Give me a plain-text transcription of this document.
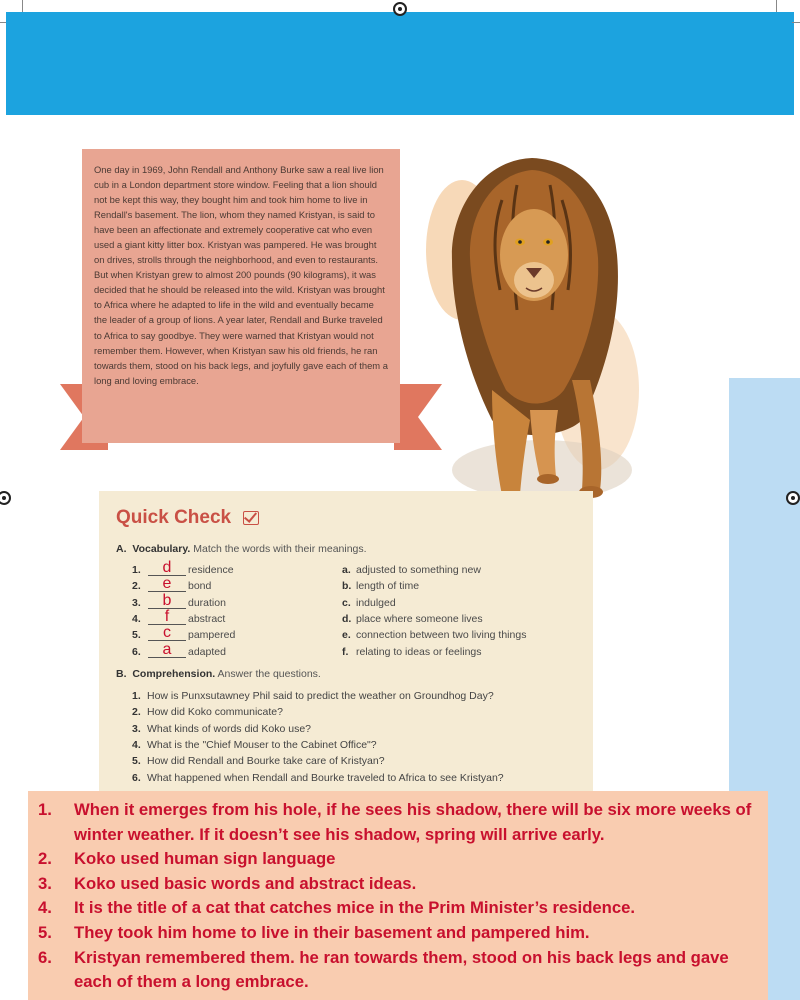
One day in 1969, John Rendall and Anthony Burke saw a real live lion cub in a London department store window. Feeling that a lion should not be kept this way, they bought him and took him home to live in Rendall's basement. The lion, whom they named Kristyan, is said to have been an affectionate and extremely cooperative cat who even used a giant kitty litter box. Kristyan was pampered. He was brought on drives, strolls through the neighborhood, and even to restaurants. But when Kristyan grew to almost 200 pounds (90 kilograms), it was decided that he should be released into the wild. Kristyan was brought to Africa where he adapted to life in the wild and eventually became the leader of a group of lions. A year later, Rendall and Burke traveled to Africa to say goodbye. They were warned that Kristyan would not remember them. However, when Kristyan saw his old friends, he ran towards them, stood on his back legs, and joyfully gave each of them a long and loving embrace.

Quick Check
A. Vocabulary. Match the words with their meanings.
1.	d	residence	a. adjusted to something new
2.	e	bond	b. length of time
3.	b	duration	c. indulged
4.	f	abstract	d. place where someone lives
5.	c	pampered	e. connection between two living things
6.	a	adapted	f. relating to ideas or feelings
B. Comprehension. Answer the questions.
1. How is Punxsutawney Phil said to predict the weather on Groundhog Day?
2. How did Koko communicate?
3. What kinds of words did Koko use?
4. What is the "Chief Mouser to the Cabinet Office"?
5. How did Rendall and Bourke take care of Kristyan?
6. What happened when Rendall and Bourke traveled to Africa to see Kristyan?
1.	When it emerges from his hole, if he sees his shadow, there will be six more weeks of winter weather. If it doesn’t see his shadow, spring will arrive early.
2.	Koko used human sign language
3.	Koko used basic words and abstract ideas.
4.	It is the title of a cat that catches mice in the Prim Minister’s residence.
5.	They took him home to live in their basement and pampered him.
6.	Kristyan remembered them. he ran towards them, stood on his back legs and gave each of them a long embrace.
